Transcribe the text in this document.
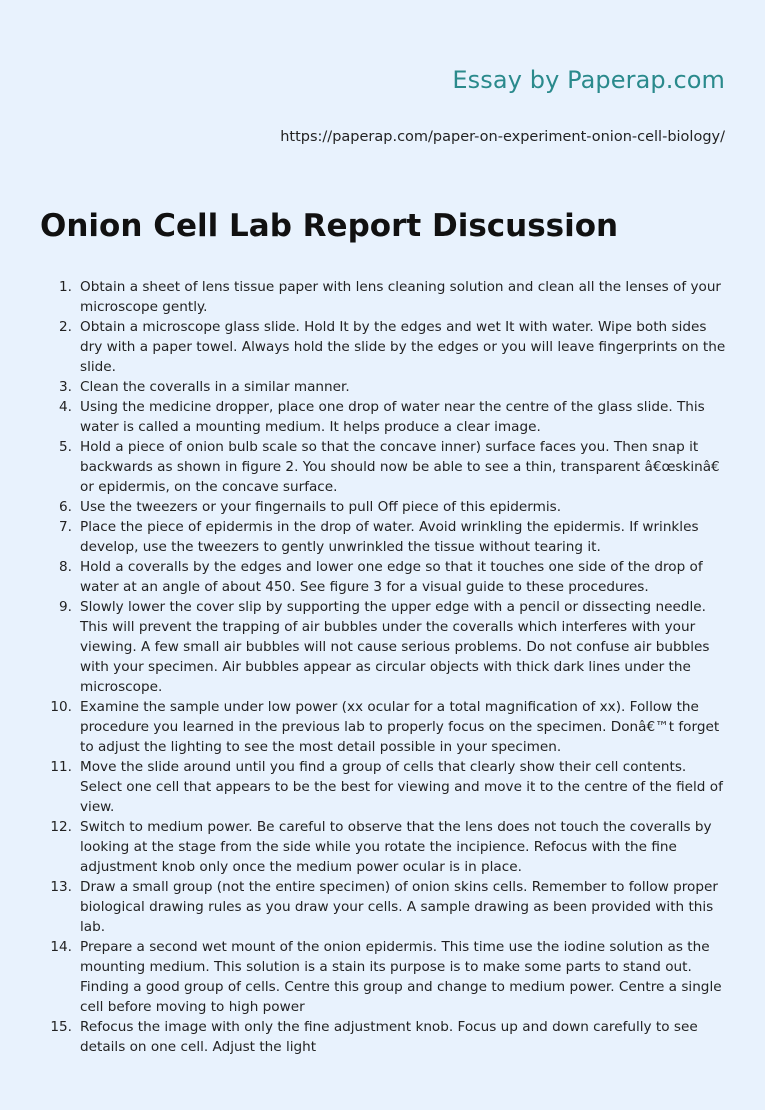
Essay by Paperap.com
https://paperap.com/paper-on-experiment-onion-cell-biology/
Onion Cell Lab Report Discussion
1. Obtain a sheet of lens tissue paper with lens cleaning solution and clean all the lenses of your microscope gently.
2. Obtain a microscope glass slide. Hold It by the edges and wet It with water. Wipe both sides dry with a paper towel. Always hold the slide by the edges or you will leave fingerprints on the slide.
3. Clean the coveralls in a similar manner.
4. Using the medicine dropper, place one drop of water near the centre of the glass slide. This water is called a mounting medium. It helps produce a clear image.
5. Hold a piece of onion bulb scale so that the concave inner) surface faces you. Then snap it backwards as shown in figure 2. You should now be able to see a thin, transparent â€œskinâ€ or epidermis, on the concave surface.
6. Use the tweezers or your fingernails to pull Off piece of this epidermis.
7. Place the piece of epidermis in the drop of water. Avoid wrinkling the epidermis. If wrinkles develop, use the tweezers to gently unwrinkled the tissue without tearing it.
8. Hold a coveralls by the edges and lower one edge so that it touches one side of the drop of water at an angle of about 450. See figure 3 for a visual guide to these procedures.
9. Slowly lower the cover slip by supporting the upper edge with a pencil or dissecting needle. This will prevent the trapping of air bubbles under the coveralls which interferes with your viewing. A few small air bubbles will not cause serious problems. Do not confuse air bubbles with your specimen. Air bubbles appear as circular objects with thick dark lines under the microscope.
10. Examine the sample under low power (xx ocular for a total magnification of xx). Follow the procedure you learned in the previous lab to properly focus on the specimen. Donâ€™t forget to adjust the lighting to see the most detail possible in your specimen.
11. Move the slide around until you find a group of cells that clearly show their cell contents. Select one cell that appears to be the best for viewing and move it to the centre of the field of view.
12. Switch to medium power. Be careful to observe that the lens does not touch the coveralls by looking at the stage from the side while you rotate the incipience. Refocus with the fine adjustment knob only once the medium power ocular is in place.
13. Draw a small group (not the entire specimen) of onion skins cells. Remember to follow proper biological drawing rules as you draw your cells. A sample drawing as been provided with this lab.
14. Prepare a second wet mount of the onion epidermis. This time use the iodine solution as the mounting medium. This solution is a stain its purpose is to make some parts to stand out. Finding a good group of cells. Centre this group and change to medium power. Centre a single cell before moving to high power
15. Refocus the image with only the fine adjustment knob. Focus up and down carefully to see details on one cell. Adjust the light
